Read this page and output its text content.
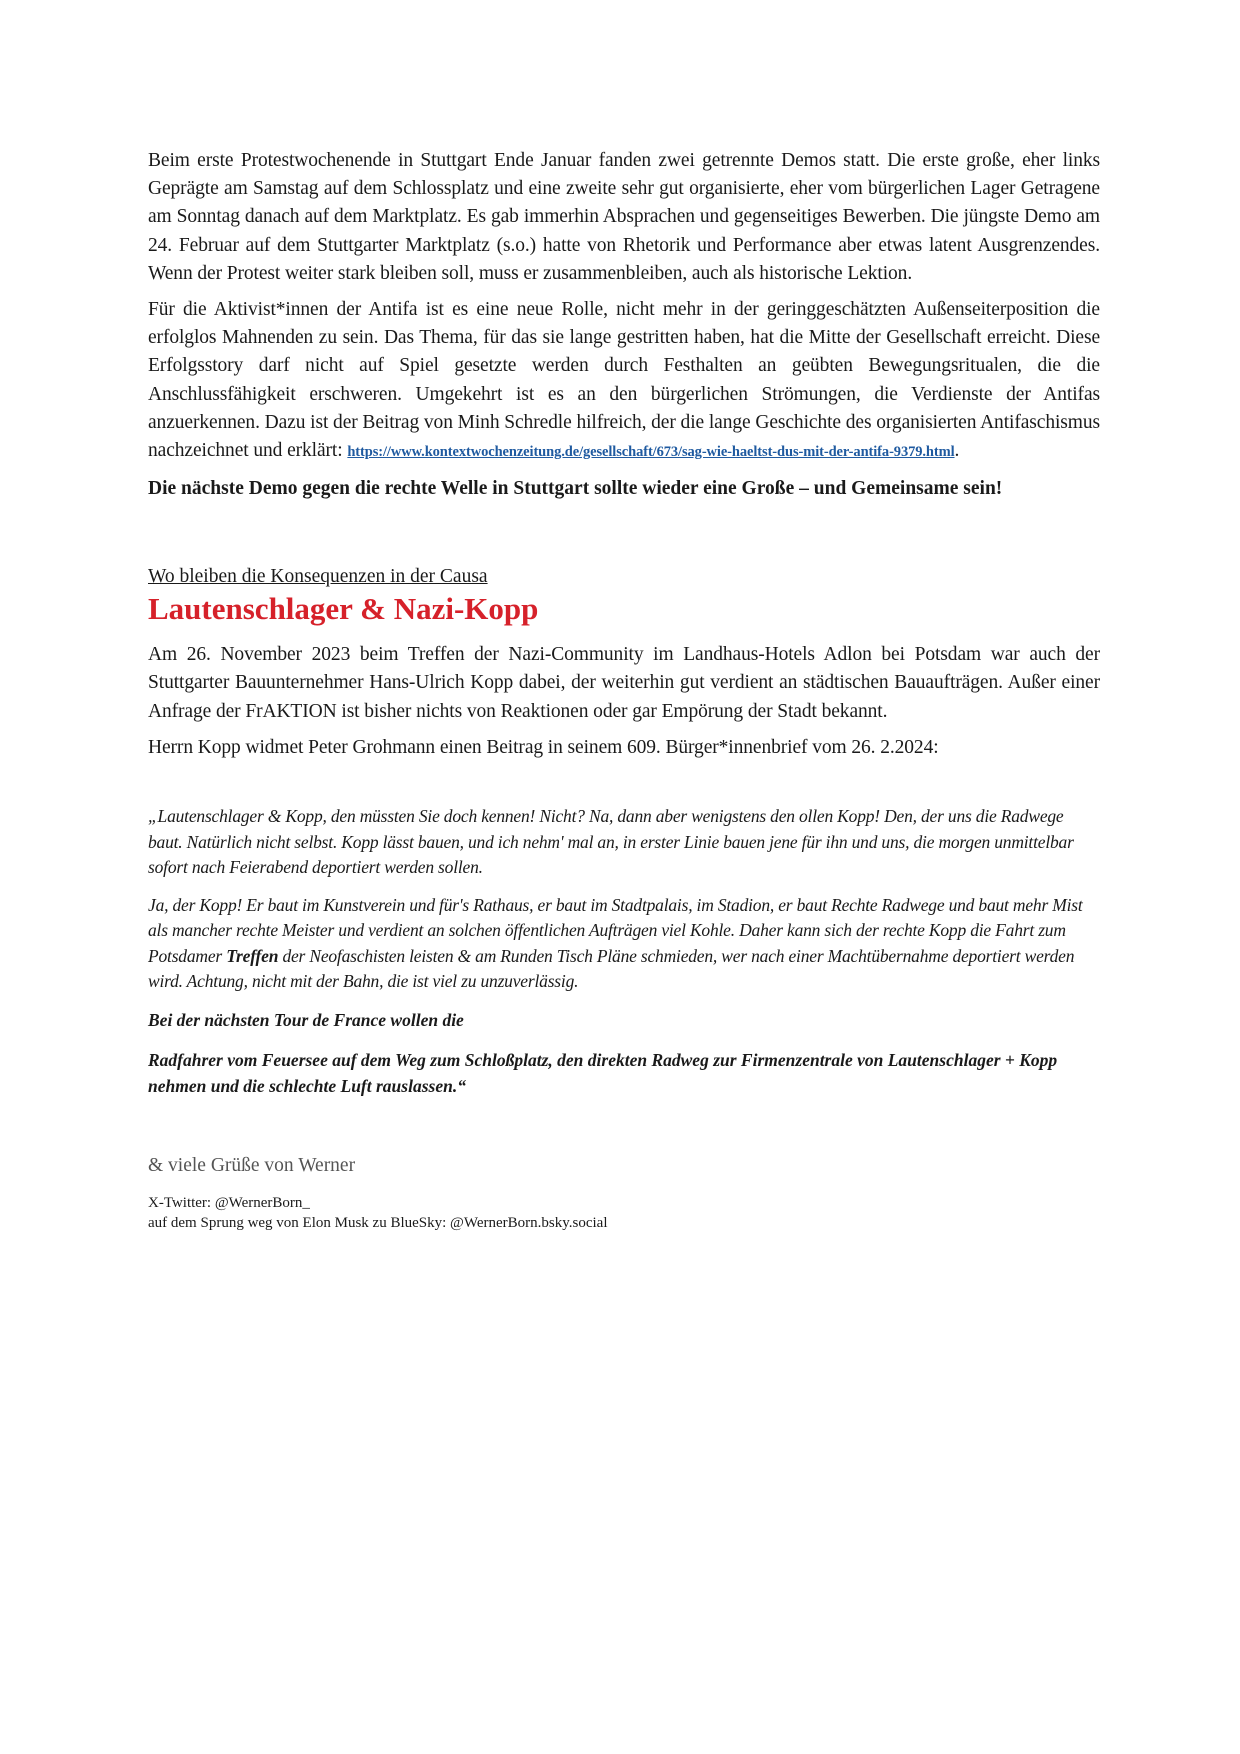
Beim erste Protestwochenende in Stuttgart Ende Januar fanden zwei getrennte Demos statt. Die erste große, eher links Geprägte am Samstag auf dem Schlossplatz und eine zweite sehr gut organisierte, eher vom bürgerlichen Lager Getragene am Sonntag danach auf dem Marktplatz. Es gab immerhin Absprachen und gegenseitiges Bewerben. Die jüngste Demo am 24. Februar auf dem Stuttgarter Marktplatz (s.o.) hatte von Rhetorik und Performance aber etwas latent Ausgrenzendes. Wenn der Protest weiter stark bleiben soll, muss er zusammenbleiben, auch als historische Lektion.

Für die Aktivist*innen der Antifa ist es eine neue Rolle, nicht mehr in der geringgeschätzten Außenseiterposition die erfolglos Mahnenden zu sein. Das Thema, für das sie lange gestritten haben, hat die Mitte der Gesellschaft erreicht. Diese Erfolgsstory darf nicht auf Spiel gesetzte werden durch Festhalten an geübten Bewegungsritualen, die die Anschlussfähigkeit erschweren. Umgekehrt ist es an den bürgerlichen Strömungen, die Verdienste der Antifas anzuerkennen. Dazu ist der Beitrag von Minh Schredle hilfreich, der die lange Geschichte des organisierten Antifaschismus nachzeichnet und erklärt: https://www.kontextwochenzeitung.de/gesellschaft/673/sag-wie-haeltst-dus-mit-der-antifa-9379.html.

Die nächste Demo gegen die rechte Welle in Stuttgart sollte wieder eine Große – und Gemeinsame sein!

Wo bleiben die Konsequenzen in der Causa

Lautenschlager & Nazi-Kopp

Am 26. November 2023 beim Treffen der Nazi-Community im Landhaus-Hotels Adlon bei Potsdam war auch der Stuttgarter Bauunternehmer Hans-Ulrich Kopp dabei, der weiterhin gut verdient an städtischen Bauaufträgen. Außer einer Anfrage der FrAKTION ist bisher nichts von Reaktionen oder gar Empörung der Stadt bekannt.

Herrn Kopp widmet Peter Grohmann einen Beitrag in seinem 609. Bürger*innenbrief vom 26. 2.2024:

„Lautenschlager & Kopp, den müssten Sie doch kennen! Nicht? Na, dann aber wenigstens den ollen Kopp! Den, der uns die Radwege baut. Natürlich nicht selbst. Kopp lässt bauen, und ich nehm' mal an, in erster Linie bauen jene für ihn und uns, die morgen unmittelbar sofort nach Feierabend deportiert werden sollen.

Ja, der Kopp! Er baut im Kunstverein und für's Rathaus, er baut im Stadtpalais, im Stadion, er baut Rechte Radwege und baut mehr Mist als mancher rechte Meister und verdient an solchen öffentlichen Aufträgen viel Kohle. Daher kann sich der rechte Kopp die Fahrt zum Potsdamer Treffen der Neofaschisten leisten & am Runden Tisch Pläne schmieden, wer nach einer Machtübernahme deportiert werden wird. Achtung, nicht mit der Bahn, die ist viel zu unzuverlässig.

Bei der nächsten Tour de France wollen die

Radfahrer vom Feuersee auf dem Weg zum Schloßplatz, den direkten Radweg zur Firmenzentrale von Lautenschlager + Kopp nehmen und die schlechte Luft rauslassen.“

& viele Grüße von Werner

X-Twitter: @WernerBorn_

auf dem Sprung weg von Elon Musk zu BlueSky: @WernerBorn.bsky.social
